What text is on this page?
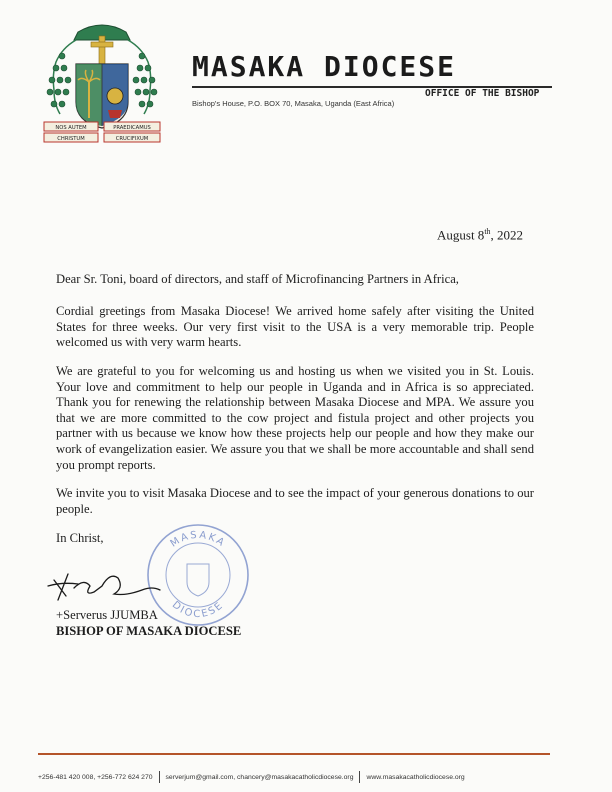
NOS AUTEM	PRAEDICAMUS
CHRISTUM	CRUCIFIXUM
MASAKA DIOCESE
OFFICE OF THE BISHOP
Bishop's House, P.O. BOX 70, Masaka, Uganda (East Africa)
August 8th, 2022
Dear Sr. Toni, board of directors, and staff of Microfinancing Partners in Africa,
Cordial greetings from Masaka Diocese! We arrived home safely after visiting the United States for three weeks. Our very first visit to the USA is a very memorable trip. People welcomed us with very warm hearts.
We are grateful to you for welcoming us and hosting us when we visited you in St. Louis. Your love and commitment to help our people in Uganda and in Africa is so appreciated. Thank you for renewing the relationship between Masaka Diocese and MPA. We assure you that we are more committed to the cow project and fistula project and other projects you partner with us because we know how these projects help our people and how they make our work of evangelization easier. We assure you that we shall be more accountable and shall send you prompt reports.
We invite you to visit Masaka Diocese and to see the impact of your generous donations to our people.
In Christ,	MASAKA
DIOCESE
+Serverus JJUMBA
BISHOP OF MASAKA DIOCESE
+256-481 420 008, +256-772 624 270 serverjum@gmail.com, chancery@masakacatholicdiocese.org www.masakacatholicdiocese.org
